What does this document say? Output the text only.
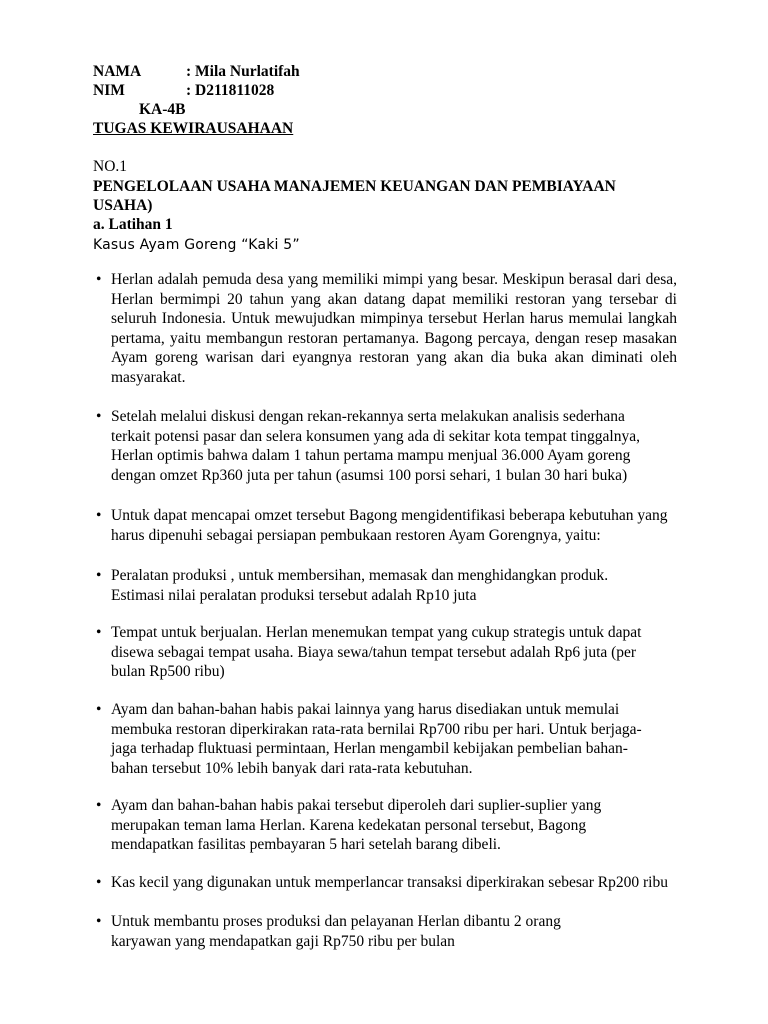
NAMA	: Mila Nurlatifah
NIM	: D211811028
KA-4B
TUGAS KEWIRAUSAHAAN
NO.1
PENGELOLAAN USAHA MANAJEMEN KEUANGAN DAN PEMBIAYAAN
USAHA)
a. Latihan 1
Kasus Ayam Goreng “Kaki 5”
• Herlan adalah pemuda desa yang memiliki mimpi yang besar. Meskipun berasal dari desa,
Herlan bermimpi 20 tahun yang akan datang dapat memiliki restoran yang tersebar di
seluruh Indonesia. Untuk mewujudkan mimpinya tersebut Herlan harus memulai langkah
pertama, yaitu membangun restoran pertamanya. Bagong percaya, dengan resep masakan
Ayam goreng warisan dari eyangnya restoran yang akan dia buka akan diminati oleh
masyarakat.
• Setelah melalui diskusi dengan rekan-rekannya serta melakukan analisis sederhana
terkait potensi pasar dan selera konsumen yang ada di sekitar kota tempat tinggalnya,
Herlan optimis bahwa dalam 1 tahun pertama mampu menjual 36.000 Ayam goreng
dengan omzet Rp360 juta per tahun (asumsi 100 porsi sehari, 1 bulan 30 hari buka)
• Untuk dapat mencapai omzet tersebut Bagong mengidentifikasi beberapa kebutuhan yang
harus dipenuhi sebagai persiapan pembukaan restoren Ayam Gorengnya, yaitu:
• Peralatan produksi , untuk membersihan, memasak dan menghidangkan produk.
Estimasi nilai peralatan produksi tersebut adalah Rp10 juta
• Tempat untuk berjualan. Herlan menemukan tempat yang cukup strategis untuk dapat
disewa sebagai tempat usaha. Biaya sewa/tahun tempat tersebut adalah Rp6 juta (per
bulan Rp500 ribu)
• Ayam dan bahan-bahan habis pakai lainnya yang harus disediakan untuk memulai
membuka restoran diperkirakan rata-rata bernilai Rp700 ribu per hari. Untuk berjaga-
jaga terhadap fluktuasi permintaan, Herlan mengambil kebijakan pembelian bahan-
bahan tersebut 10% lebih banyak dari rata-rata kebutuhan.
• Ayam dan bahan-bahan habis pakai tersebut diperoleh dari suplier-suplier yang
merupakan teman lama Herlan. Karena kedekatan personal tersebut, Bagong
mendapatkan fasilitas pembayaran 5 hari setelah barang dibeli.
• Kas kecil yang digunakan untuk memperlancar transaksi diperkirakan sebesar Rp200 ribu
• Untuk membantu proses produksi dan pelayanan Herlan dibantu 2 orang
karyawan yang mendapatkan gaji Rp750 ribu per bulan
